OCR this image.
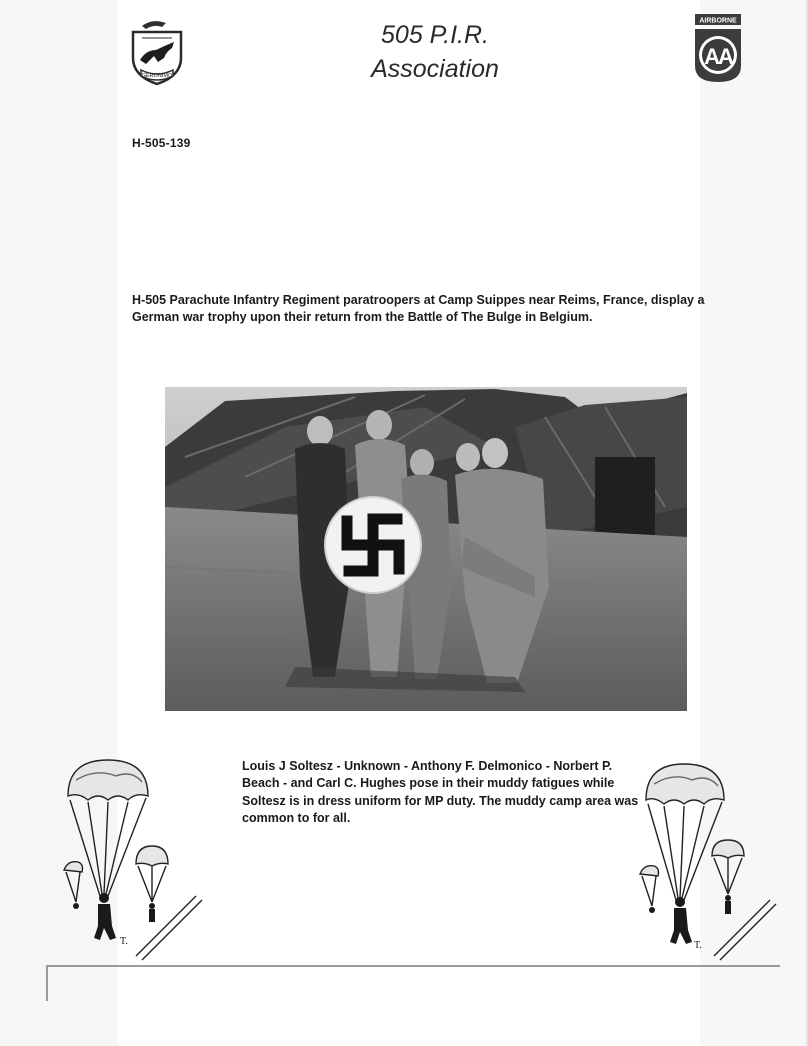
GERONIMO
505 P.I.R.
Association
AIRBORNE
AA
H-505-139

H-505 Parachute Infantry Regiment paratroopers at Camp Suippes near Reims, France, display a German war trophy upon their return from the Battle of The Bulge in Belgium.

Louis J Soltesz - Unknown - Anthony F. Delmonico - Norbert P. Beach - and Carl C. Hughes pose in their muddy fatigues while Soltesz is in dress uniform for MP duty. The muddy camp area was common to for all.

T.	T.
